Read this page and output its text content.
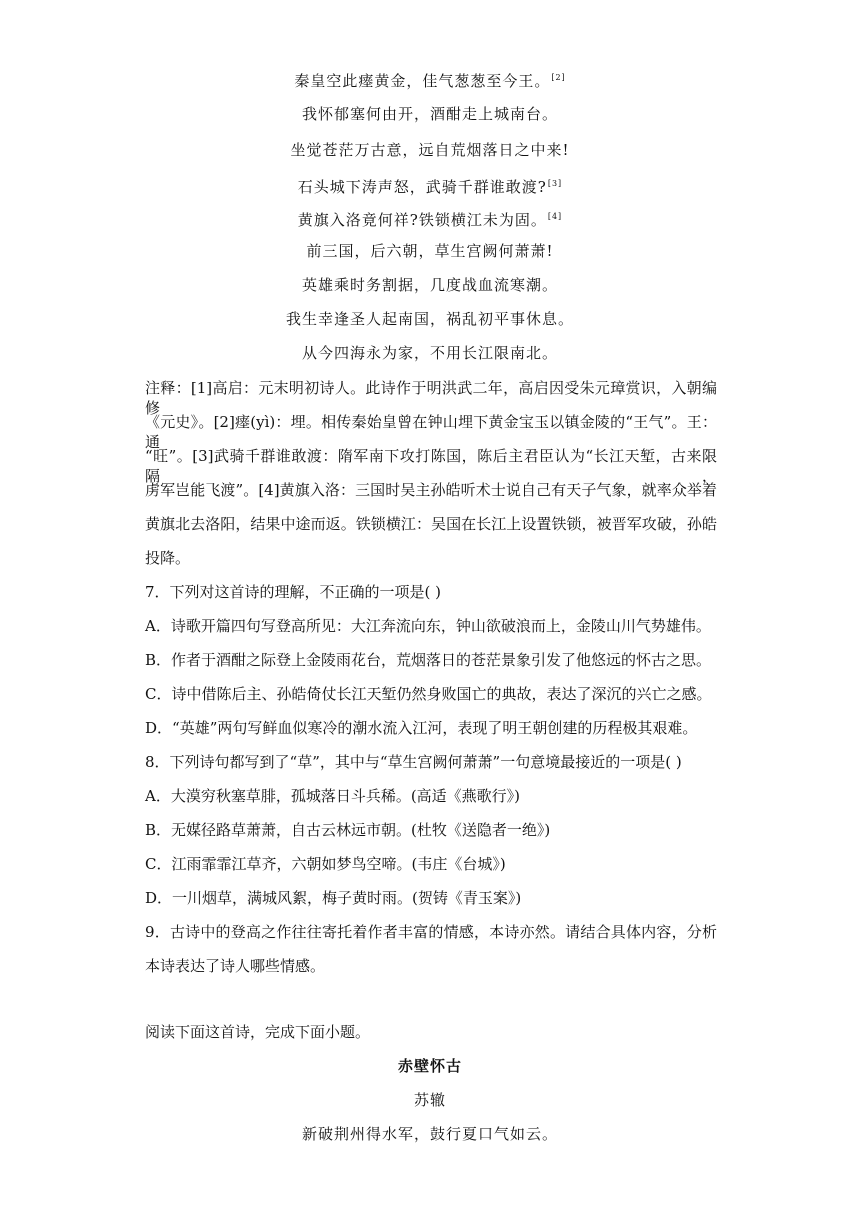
秦皇空此瘗黄金，佳气葱葱至今王。[2]
我怀郁塞何由开，酒酣走上城南台。
坐觉苍茫万古意，远自荒烟落日之中来!
石头城下涛声怒，武骑千群谁敢渡?[3]
黄旗入洛竟何祥?铁锁横江未为固。[4]
前三国，后六朝，草生宫阙何萧萧!
英雄乘时务割据，几度战血流寒潮。
我生幸逢圣人起南国，祸乱初平事休息。
从今四海永为家，不用长江限南北。
注释：[1]高启：元末明初诗人。此诗作于明洪武二年，高启因受朱元璋赏识，入朝编修
《元史》。[2]瘗(yì)：埋。相传秦始皇曾在钟山埋下黄金宝玉以镇金陵的“王气”。王：通
“旺”。[3]武骑千群谁敢渡：隋军南下攻打陈国，陈后主君臣认为“长江天堑，古来限隔，
虏军岂能飞渡”。[4]黄旗入洛：三国时吴主孙皓听术士说自己有天子气象，就率众举着
黄旗北去洛阳，结果中途而返。铁锁横江：吴国在长江上设置铁锁，被晋军攻破，孙皓
投降。
7．下列对这首诗的理解，不正确的一项是( )
A．诗歌开篇四句写登高所见：大江奔流向东，钟山欲破浪而上，金陵山川气势雄伟。
B．作者于酒酣之际登上金陵雨花台，荒烟落日的苍茫景象引发了他悠远的怀古之思。
C．诗中借陈后主、孙皓倚仗长江天堑仍然身败国亡的典故，表达了深沉的兴亡之感。
D．“英雄”两句写鲜血似寒冷的潮水流入江河，表现了明王朝创建的历程极其艰难。
8．下列诗句都写到了“草”，其中与“草生宫阙何萧萧”一句意境最接近的一项是( )
A．大漠穷秋塞草腓，孤城落日斗兵稀。(高适《燕歌行》)
B．无媒径路草萧萧，自古云林远市朝。(杜牧《送隐者一绝》)
C．江雨霏霏江草齐，六朝如梦鸟空啼。(韦庄《台城》)
D．一川烟草，满城风絮，梅子黄时雨。(贺铸《青玉案》)
9．古诗中的登高之作往往寄托着作者丰富的情感，本诗亦然。请结合具体内容，分析
本诗表达了诗人哪些情感。
阅读下面这首诗，完成下面小题。
赤壁怀古
苏辙
新破荆州得水军，鼓行夏口气如云。
